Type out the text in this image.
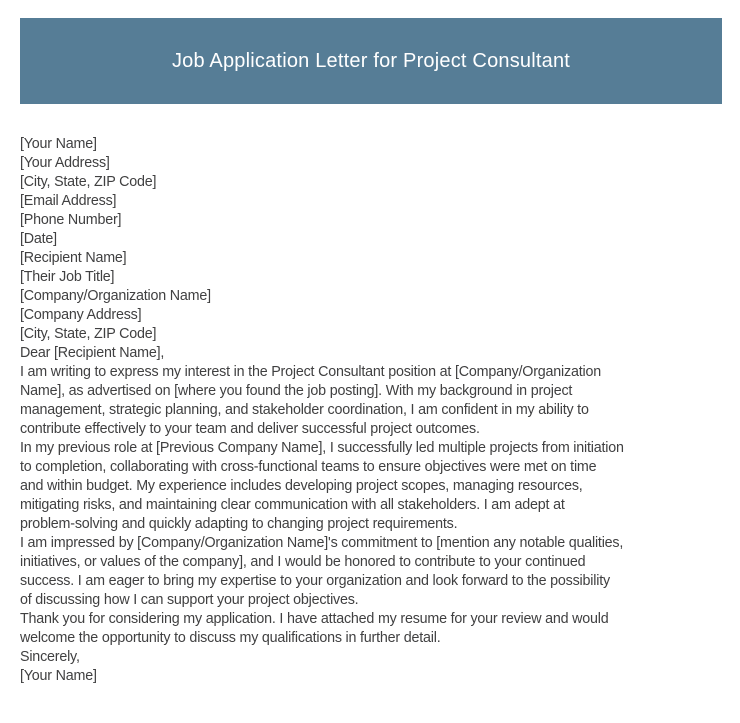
Job Application Letter for Project Consultant
[Your Name]
[Your Address]
[City, State, ZIP Code]
[Email Address]
[Phone Number]
[Date]
[Recipient Name]
[Their Job Title]
[Company/Organization Name]
[Company Address]
[City, State, ZIP Code]
Dear [Recipient Name],
I am writing to express my interest in the Project Consultant position at [Company/Organization
Name], as advertised on [where you found the job posting]. With my background in project
management, strategic planning, and stakeholder coordination, I am confident in my ability to
contribute effectively to your team and deliver successful project outcomes.
In my previous role at [Previous Company Name], I successfully led multiple projects from initiation
to completion, collaborating with cross-functional teams to ensure objectives were met on time
and within budget. My experience includes developing project scopes, managing resources,
mitigating risks, and maintaining clear communication with all stakeholders. I am adept at
problem-solving and quickly adapting to changing project requirements.
I am impressed by [Company/Organization Name]'s commitment to [mention any notable qualities,
initiatives, or values of the company], and I would be honored to contribute to your continued
success. I am eager to bring my expertise to your organization and look forward to the possibility
of discussing how I can support your project objectives.
Thank you for considering my application. I have attached my resume for your review and would
welcome the opportunity to discuss my qualifications in further detail.
Sincerely,
[Your Name]
